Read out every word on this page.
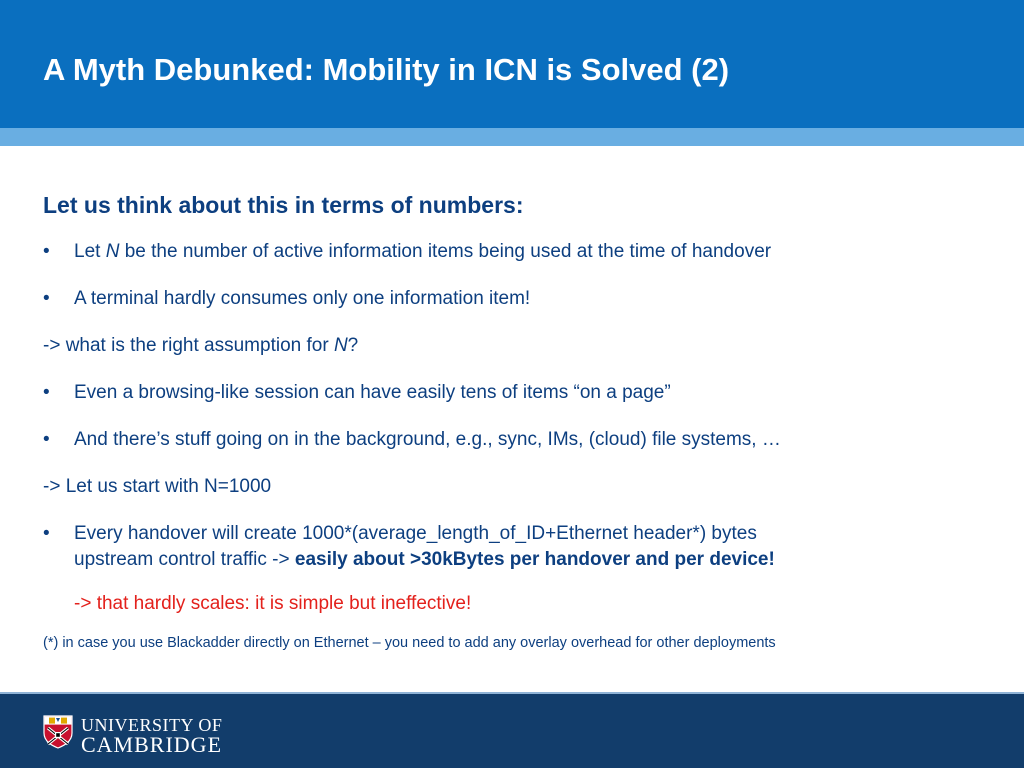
A Myth Debunked: Mobility in ICN is Solved (2)
Let us think about this in terms of numbers:
•	Let N be the number of active information items being used at the time of handover
•	A terminal hardly consumes only one information item!
-> what is the right assumption for N?
•	Even a browsing-like session can have easily tens of items “on a page”
•	And there’s stuff going on in the background, e.g., sync, IMs, (cloud) file systems, …
-> Let us start with N=1000
•	Every handover will create 1000*(average_length_of_ID+Ethernet header*) bytes
upstream control traffic -> easily about >30kBytes per handover and per device!
-> that hardly scales: it is simple but ineffective!

(*) in case you use Blackadder directly on Ethernet – you need to add any overlay overhead for other deployments

UNIVERSITY OF
CAMBRIDGE
